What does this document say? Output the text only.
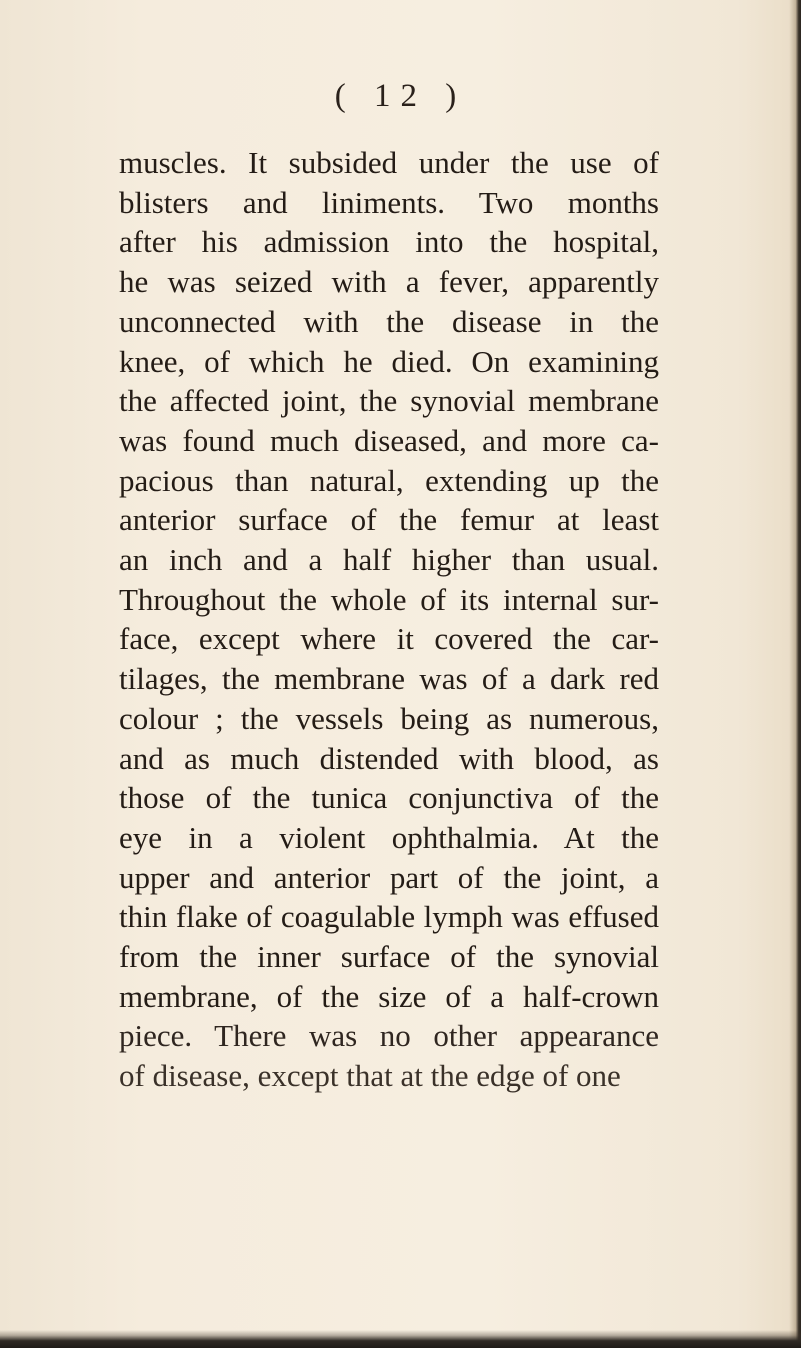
( 12 )
muscles. It subsided under the use of
blisters and liniments. Two months
after his admission into the hospital,
he was seized with a fever, apparently
unconnected with the disease in the
knee, of which he died. On examining
the affected joint, the synovial membrane
was found much diseased, and more ca-
pacious than natural, extending up the
anterior surface of the femur at least
an inch and a half higher than usual.
Throughout the whole of its internal sur-
face, except where it covered the car-
tilages, the membrane was of a dark red
colour ; the vessels being as numerous,
and as much distended with blood, as
those of the tunica conjunctiva of the
eye in a violent ophthalmia. At the
upper and anterior part of the joint, a
thin flake of coagulable lymph was effused
from the inner surface of the synovial
membrane, of the size of a half-crown
piece. There was no other appearance
of disease, except that at the edge of one
